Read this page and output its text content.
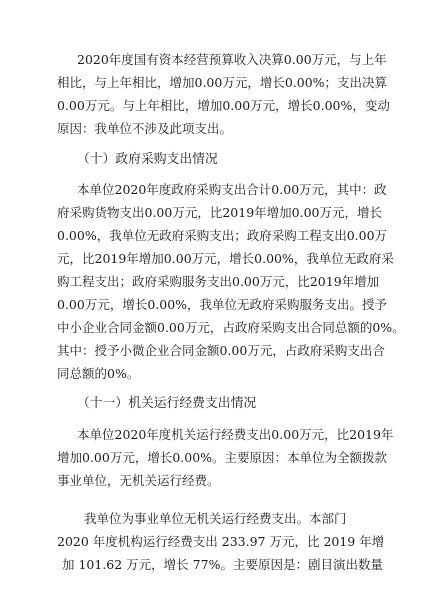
2020年度国有资本经营预算收入决算0.00万元，与上年

相比，与上年相比，增加0.00万元，增长0.00%；支出决算

0.00万元。与上年相比，增加0.00万元，增长0.00%，变动

原因：我单位不涉及此项支出。

（十）政府采购支出情况

本单位2020年度政府采购支出合计0.00万元，其中：政

府采购货物支出0.00万元，比2019年增加0.00万元，增长

0.00%，我单位无政府采购支出；政府采购工程支出0.00万

元，比2019年增加0.00万元，增长0.00%，我单位无政府采

购工程支出；政府采购服务支出0.00万元，比2019年增加

0.00万元，增长0.00%，我单位无政府采购服务支出。授予

中小企业合同金额0.00万元，占政府采购支出合同总额的0%。

其中：授予小微企业合同金额0.00万元，占政府采购支出合

同总额的0%。

（十一）机关运行经费支出情况

本单位2020年度机关运行经费支出0.00万元，比2019年

增加0.00万元，增长0.00%。主要原因：本单位为全额拨款

事业单位，无机关运行经费。

我单位为事业单位无机关运行经费支出。本部门

2020 年度机构运行经费支出 233.97 万元，比 2019 年增

加 101.62 万元，增长 77%。主要原因是：剧目演出数量
